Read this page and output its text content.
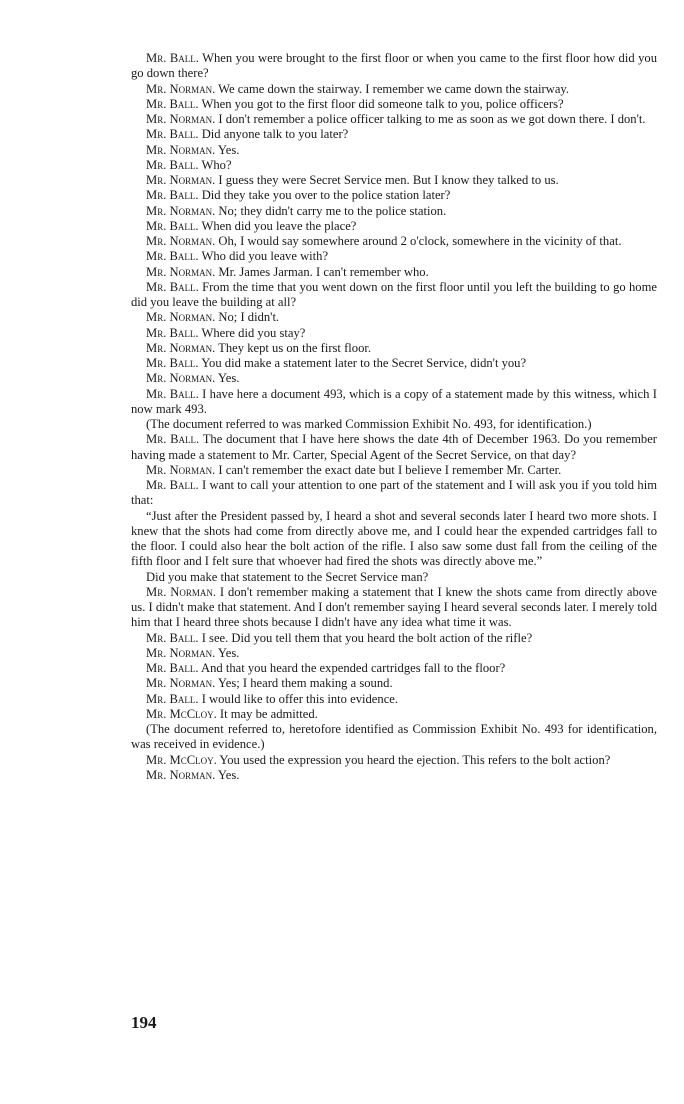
Mr. Ball. When you were brought to the first floor or when you came to the first floor how did you go down there?

Mr. Norman. We came down the stairway. I remember we came down the stairway.

Mr. Ball. When you got to the first floor did someone talk to you, police officers?

Mr. Norman. I don't remember a police officer talking to me as soon as we got down there. I don't.

Mr. Ball. Did anyone talk to you later?

Mr. Norman. Yes.

Mr. Ball. Who?

Mr. Norman. I guess they were Secret Service men. But I know they talked to us.

Mr. Ball. Did they take you over to the police station later?

Mr. Norman. No; they didn't carry me to the police station.

Mr. Ball. When did you leave the place?

Mr. Norman. Oh, I would say somewhere around 2 o'clock, somewhere in the vicinity of that.

Mr. Ball. Who did you leave with?

Mr. Norman. Mr. James Jarman. I can't remember who.

Mr. Ball. From the time that you went down on the first floor until you left the building to go home did you leave the building at all?

Mr. Norman. No; I didn't.

Mr. Ball. Where did you stay?

Mr. Norman. They kept us on the first floor.

Mr. Ball. You did make a statement later to the Secret Service, didn't you?

Mr. Norman. Yes.

Mr. Ball. I have here a document 493, which is a copy of a statement made by this witness, which I now mark 493.

(The document referred to was marked Commission Exhibit No. 493, for identification.)

Mr. Ball. The document that I have here shows the date 4th of December 1963. Do you remember having made a statement to Mr. Carter, Special Agent of the Secret Service, on that day?

Mr. Norman. I can't remember the exact date but I believe I remember Mr. Carter.

Mr. Ball. I want to call your attention to one part of the statement and I will ask you if you told him that:

“Just after the President passed by, I heard a shot and several seconds later I heard two more shots. I knew that the shots had come from directly above me, and I could hear the expended cartridges fall to the floor. I could also hear the bolt action of the rifle. I also saw some dust fall from the ceiling of the fifth floor and I felt sure that whoever had fired the shots was directly above me.”

Did you make that statement to the Secret Service man?

Mr. Norman. I don't remember making a statement that I knew the shots came from directly above us. I didn't make that statement. And I don't remember saying I heard several seconds later. I merely told him that I heard three shots because I didn't have any idea what time it was.

Mr. Ball. I see. Did you tell them that you heard the bolt action of the rifle?

Mr. Norman. Yes.

Mr. Ball. And that you heard the expended cartridges fall to the floor?

Mr. Norman. Yes; I heard them making a sound.

Mr. Ball. I would like to offer this into evidence.

Mr. McCloy. It may be admitted.

(The document referred to, heretofore identified as Commission Exhibit No. 493 for identification, was received in evidence.)

Mr. McCloy. You used the expression you heard the ejection. This refers to the bolt action?

Mr. Norman. Yes.

194
